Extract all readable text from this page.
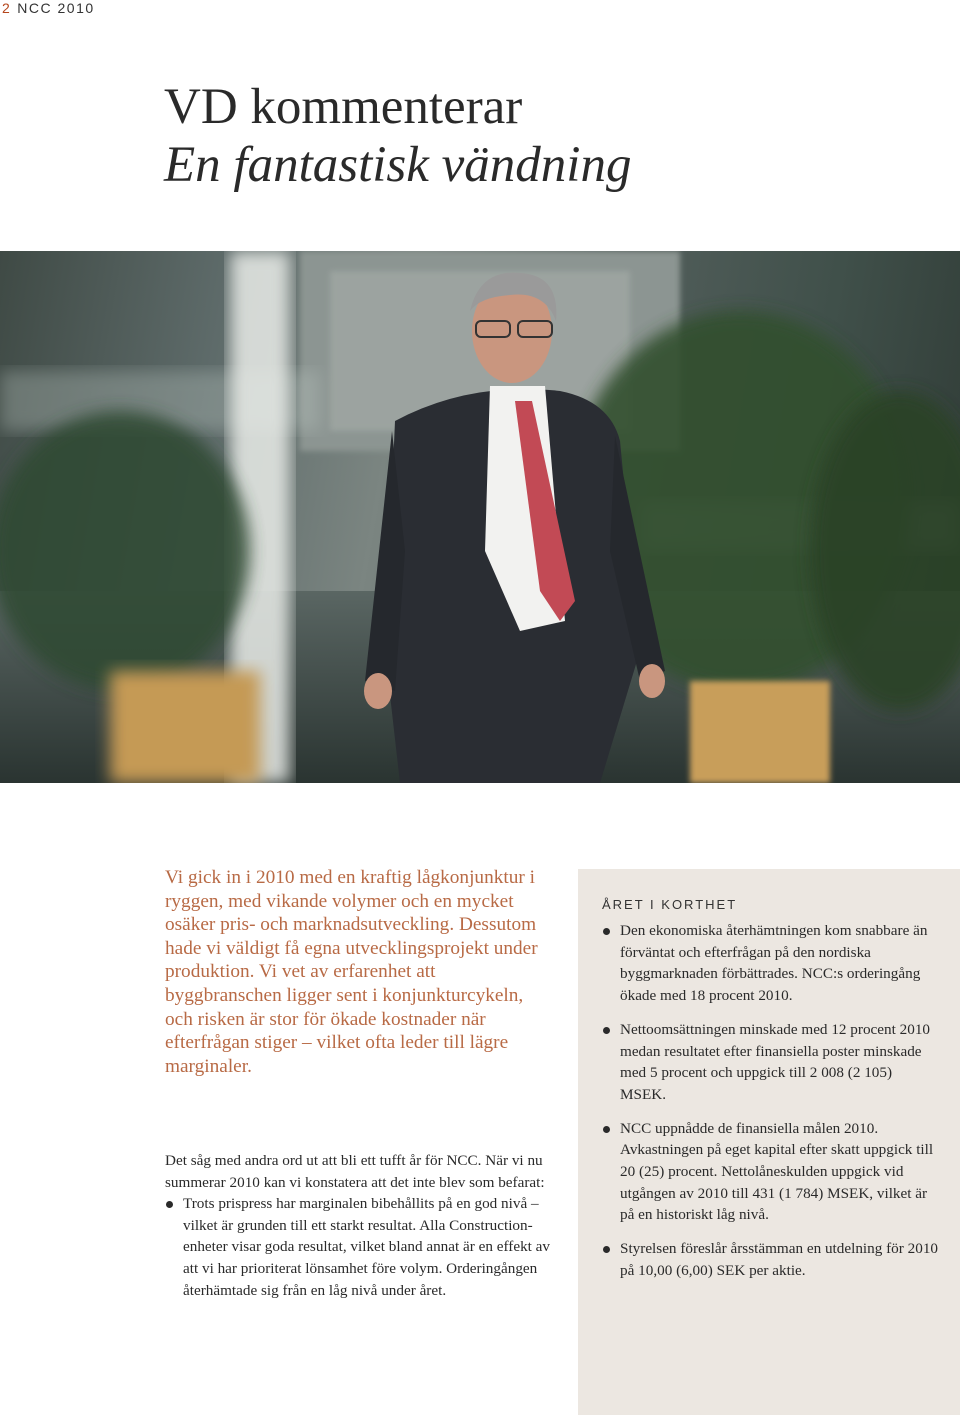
2 NCC 2010
VD kommenterar
En fantastisk vändning

Vi gick in i 2010 med en kraftig lågkonjunktur i ryggen, med vikande volymer och en mycket osäker pris- och marknadsutveckling. Dessutom hade vi väldigt få egna utvecklingsprojekt under produktion. Vi vet av erfarenhet att byggbranschen ligger sent i konjunkturcykeln, och risken är stor för ökade kostnader när efterfrågan stiger – vilket ofta leder till lägre marginaler.

Det såg med andra ord ut att bli ett tufft år för NCC. När vi nu summerar 2010 kan vi konstatera att det inte blev som befarat:

Trots prispress har marginalen bibehållits på en god nivå – vilket är grunden till ett starkt resultat. Alla Construction-enheter visar goda resultat, vilket bland annat är en effekt av att vi har prioriterat lönsamhet före volym. Orderingången återhämtade sig från en låg nivå under året.
ÅRET I KORTHET
Den ekonomiska återhämtningen kom snabbare än förväntat och efterfrågan på den nordiska byggmarknaden förbättrades. NCC:s orderingång ökade med 18 procent 2010.
Nettoomsättningen minskade med 12 procent 2010 medan resultatet efter finansiella poster minskade med 5 procent och uppgick till 2 008 (2 105) MSEK.
NCC uppnådde de finansiella målen 2010. Avkastningen på eget kapital efter skatt uppgick till 20 (25) procent. Nettolåneskulden uppgick vid utgången av 2010 till 431 (1 784) MSEK, vilket är på en historiskt låg nivå.
Styrelsen föreslår årsstämman en utdelning för 2010 på 10,00 (6,00) SEK per aktie.
